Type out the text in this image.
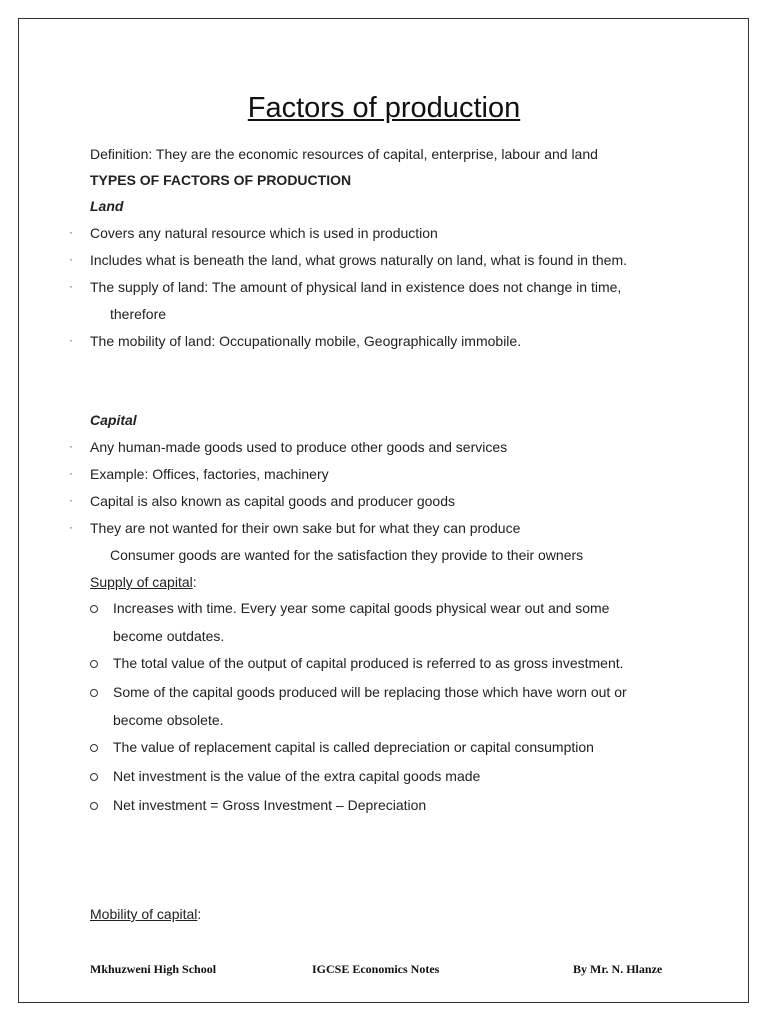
Factors of production
Definition: They are the economic resources of capital, enterprise, labour and land
TYPES OF FACTORS OF PRODUCTION
Land
· Covers any natural resource which is used in production
· Includes what is beneath the land, what grows naturally on land, what is found in them.
· The supply of land: The amount of physical land in existence does not change in time,
therefore
· The mobility of land: Occupationally mobile, Geographically immobile.
Capital
· Any human-made goods used to produce other goods and services
· Example: Offices, factories, machinery
· Capital is also known as capital goods and producer goods
· They are not wanted for their own sake but for what they can produce
Consumer goods are wanted for the satisfaction they provide to their owners
Supply of capital:
Increases with time. Every year some capital goods physical wear out and some
become outdates.
The total value of the output of capital produced is referred to as gross investment.
Some of the capital goods produced will be replacing those which have worn out or
become obsolete.
The value of replacement capital is called depreciation or capital consumption
Net investment is the value of the extra capital goods made
Net investment = Gross Investment – Depreciation
Mobility of capital:
Mkhuzweni High School	IGCSE Economics Notes	By Mr. N. Hlanze
